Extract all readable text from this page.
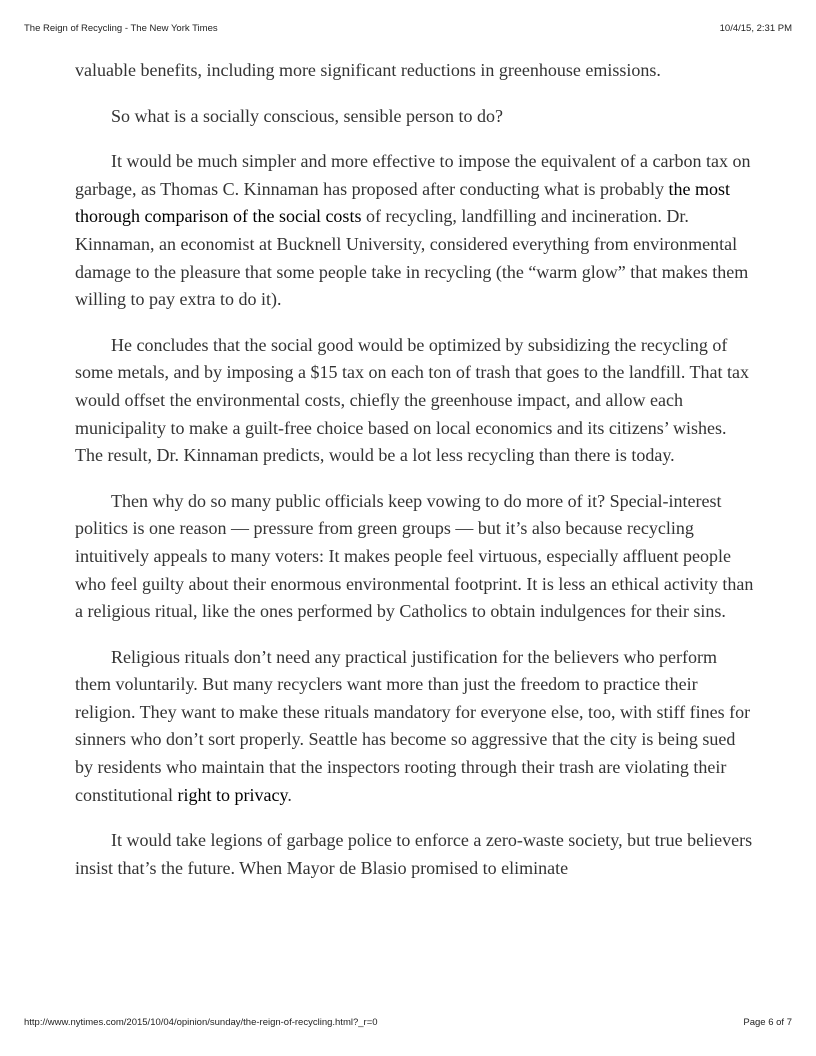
The Reign of Recycling - The New York Times	10/4/15, 2:31 PM

valuable benefits, including more significant reductions in greenhouse emissions.

So what is a socially conscious, sensible person to do?

It would be much simpler and more effective to impose the equivalent of a carbon tax on garbage, as Thomas C. Kinnaman has proposed after conducting what is probably the most thorough comparison of the social costs of recycling, landfilling and incineration. Dr. Kinnaman, an economist at Bucknell University, considered everything from environmental damage to the pleasure that some people take in recycling (the “warm glow” that makes them willing to pay extra to do it).

He concludes that the social good would be optimized by subsidizing the recycling of some metals, and by imposing a $15 tax on each ton of trash that goes to the landfill. That tax would offset the environmental costs, chiefly the greenhouse impact, and allow each municipality to make a guilt-free choice based on local economics and its citizens’ wishes. The result, Dr. Kinnaman predicts, would be a lot less recycling than there is today.

Then why do so many public officials keep vowing to do more of it? Special-interest politics is one reason — pressure from green groups — but it’s also because recycling intuitively appeals to many voters: It makes people feel virtuous, especially affluent people who feel guilty about their enormous environmental footprint. It is less an ethical activity than a religious ritual, like the ones performed by Catholics to obtain indulgences for their sins.

Religious rituals don’t need any practical justification for the believers who perform them voluntarily. But many recyclers want more than just the freedom to practice their religion. They want to make these rituals mandatory for everyone else, too, with stiff fines for sinners who don’t sort properly. Seattle has become so aggressive that the city is being sued by residents who maintain that the inspectors rooting through their trash are violating their constitutional right to privacy.

It would take legions of garbage police to enforce a zero-waste society, but true believers insist that’s the future. When Mayor de Blasio promised to eliminate

http://www.nytimes.com/2015/10/04/opinion/sunday/the-reign-of-recycling.html?_r=0	Page 6 of 7
